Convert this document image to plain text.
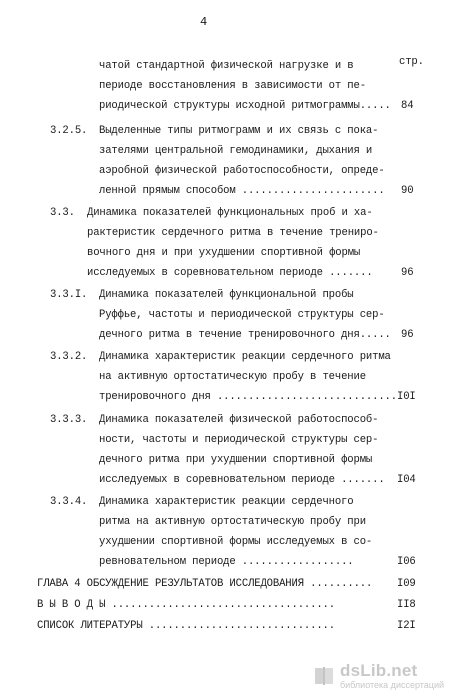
4
стр.
чатой стандартной физической нагрузке и в
периоде восстановления в зависимости от пе-
риодической структуры исходной ритмограммы..... 84
3.2.5. Выделенные типы ритмограмм и их связь с пока-
зателями центральной гемодинамики, дыхания и
аэробной физической работоспособности, опреде-
ленной прямым способом ....................... 90
3.3. Динамика показателей функциональных проб и ха-
рактеристик сердечного ритма в течение трениро-
вочного дня и при ухудшении спортивной формы
исследуемых в соревновательном периоде .......	96
3.3.I. Динамика показателей функциональной пробы
Руффье, частоты и периодической структуры сер-
дечного ритма в течение тренировочного дня..... 96
3.3.2. Динамика характеристик реакции сердечного ритма
на активную ортостатическую пробу в течение
тренировочного дня ............................. I0I
3.3.3. Динамика показателей физической работоспособ-
ности, частоты и периодической структуры сер-
дечного ритма при ухудшении спортивной формы
исследуемых в соревновательном периоде ....... I04
3.3.4. Динамика характеристик реакции сердечного
ритма на активную ортостатическую пробу при
ухудшении спортивной формы исследуемых в со-
ревновательном периоде ..................	I06
ГЛАВА 4 ОБСУЖДЕНИЕ РЕЗУЛЬТАТОВ ИССЛЕДОВАНИЯ .......... I09
В Ы В О Д Ы ....................................	II8
СПИСОК ЛИТЕРАТУРЫ ..............................	I2I
dsLib.net
библиотека диссертаций
